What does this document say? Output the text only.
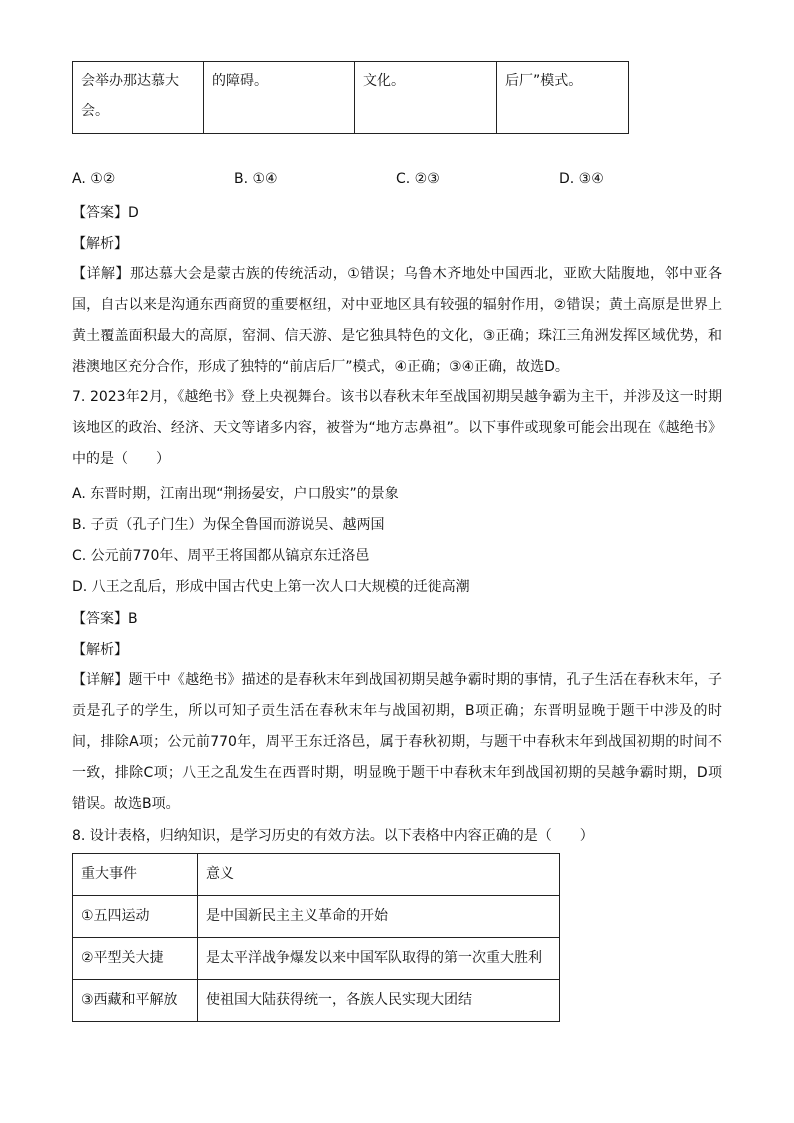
会举办那达慕大会。	的障碍。	文化。	后厂”模式。
A. ①②	B. ①④	C. ②③	D. ③④
【答案】D
【解析】
【详解】那达慕大会是蒙古族的传统活动，①错误；乌鲁木齐地处中国西北，亚欧大陆腹地，邻中亚各国，自古以来是沟通东西商贸的重要枢纽，对中亚地区具有较强的辐射作用，②错误；黄土高原是世界上黄土覆盖面积最大的高原，窑洞、信天游、是它独具特色的文化，③正确；珠江三角洲发挥区域优势，和港澳地区充分合作，形成了独特的“前店后厂”模式，④正确；③④正确，故选D。
7. 2023年2月，《越绝书》登上央视舞台。该书以春秋末年至战国初期吴越争霸为主干，并涉及这一时期该地区的政治、经济、天文等诸多内容，被誉为“地方志鼻祖”。以下事件或现象可能会出现在《越绝书》中的是（　　）
A. 东晋时期，江南出现“荆扬晏安，户口殷实”的景象
B. 子贡（孔子门生）为保全鲁国而游说吴、越两国
C. 公元前770年、周平王将国都从镐京东迁洛邑
D. 八王之乱后，形成中国古代史上第一次人口大规模的迁徙高潮
【答案】B
【解析】
【详解】题干中《越绝书》描述的是春秋末年到战国初期吴越争霸时期的事情，孔子生活在春秋末年，子贡是孔子的学生，所以可知子贡生活在春秋末年与战国初期，B项正确；东晋明显晚于题干中涉及的时间，排除A项；公元前770年，周平王东迁洛邑，属于春秋初期，与题干中春秋末年到战国初期的时间不一致，排除C项；八王之乱发生在西晋时期，明显晚于题干中春秋末年到战国初期的吴越争霸时期，D项错误。故选B项。
8. 设计表格，归纳知识，是学习历史的有效方法。以下表格中内容正确的是（　　）
重大事件	意义
①五四运动	是中国新民主主义革命的开始
②平型关大捷	是太平洋战争爆发以来中国军队取得的第一次重大胜利
③西藏和平解放	使祖国大陆获得统一，各族人民实现大团结
